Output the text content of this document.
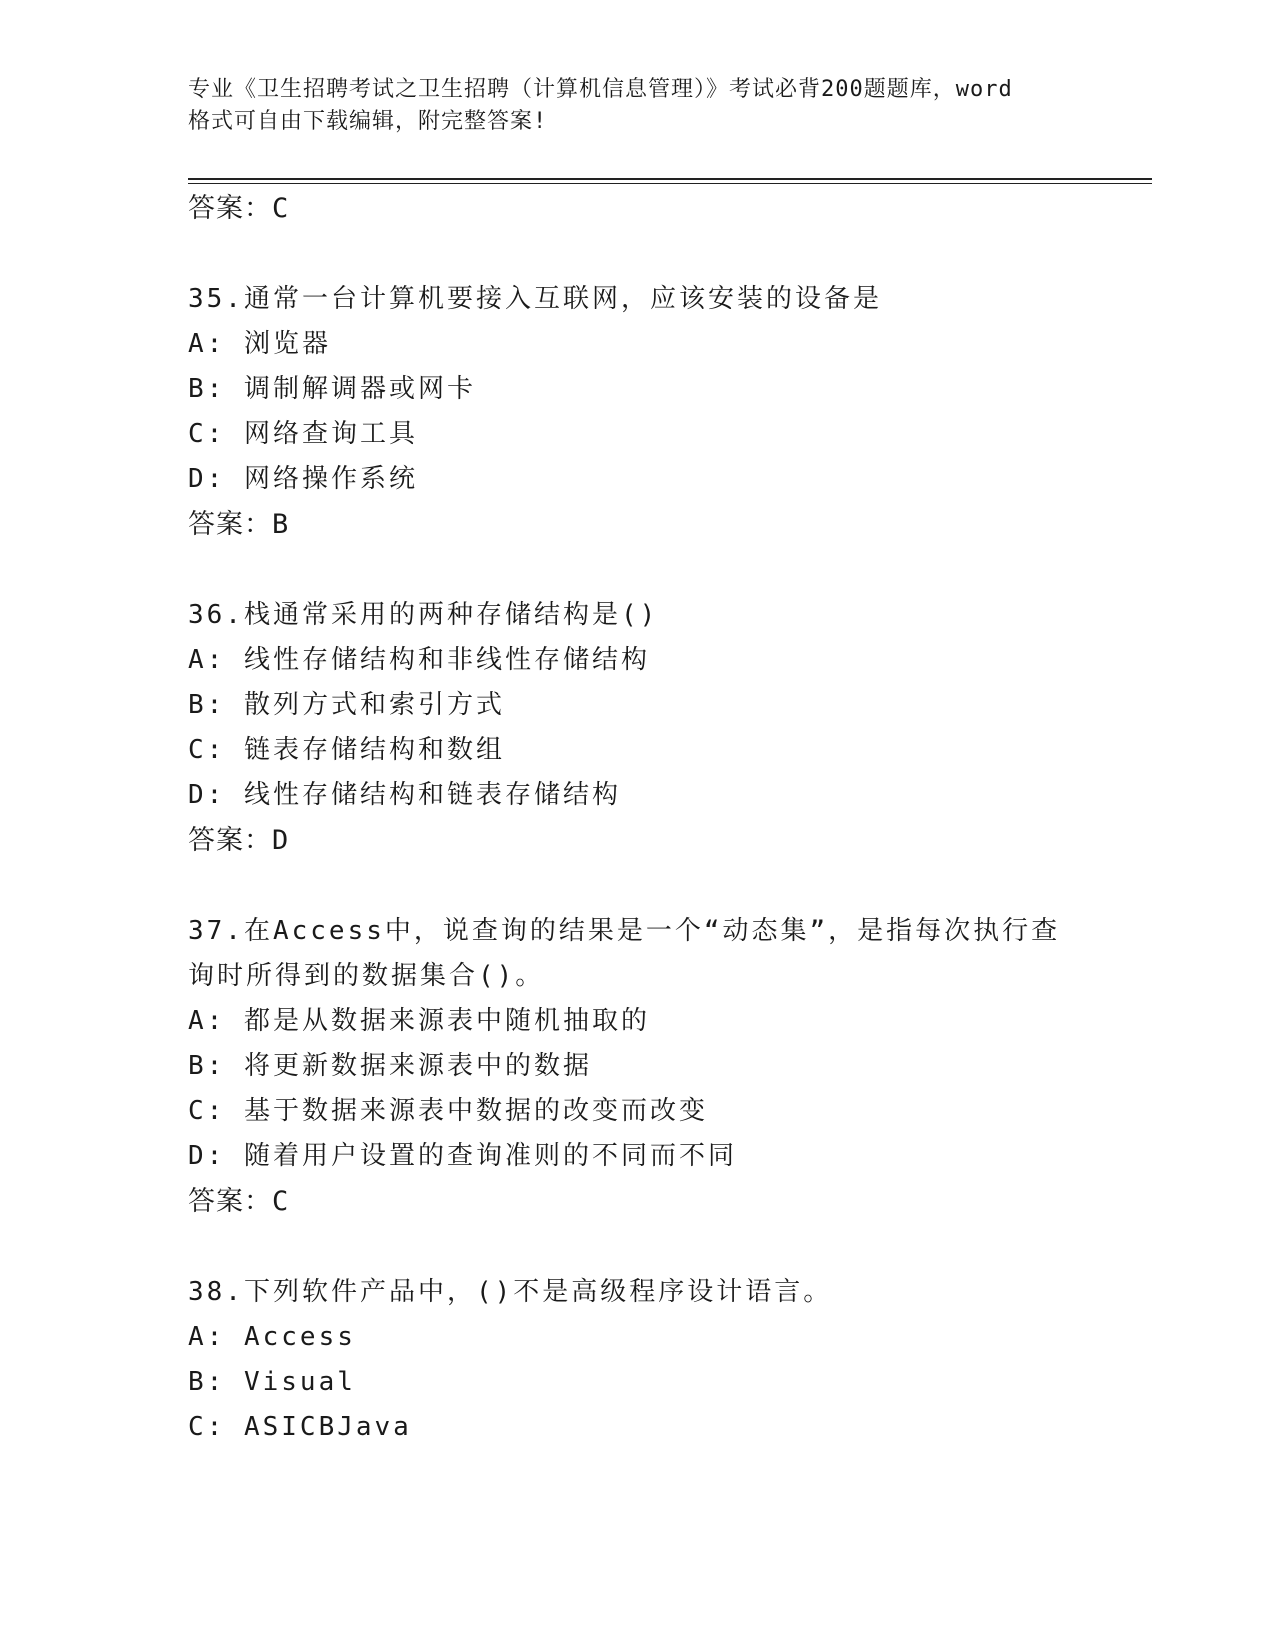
专业《卫生招聘考试之卫生招聘（计算机信息管理）》考试必背200题题库，word
格式可自由下载编辑，附完整答案!
答案：C
35.通常一台计算机要接入互联网，应该安装的设备是
A: 浏览器
B: 调制解调器或网卡
C: 网络查询工具
D: 网络操作系统
答案：B
36.栈通常采用的两种存储结构是()
A: 线性存储结构和非线性存储结构
B: 散列方式和索引方式
C: 链表存储结构和数组
D: 线性存储结构和链表存储结构
答案：D
37.在Access中，说查询的结果是一个“动态集”，是指每次执行查
询时所得到的数据集合()。
A: 都是从数据来源表中随机抽取的
B: 将更新数据来源表中的数据
C: 基于数据来源表中数据的改变而改变
D: 随着用户设置的查询准则的不同而不同
答案：C
38.下列软件产品中，()不是高级程序设计语言。
A: Access
B: Visual
C: ASICBJava
